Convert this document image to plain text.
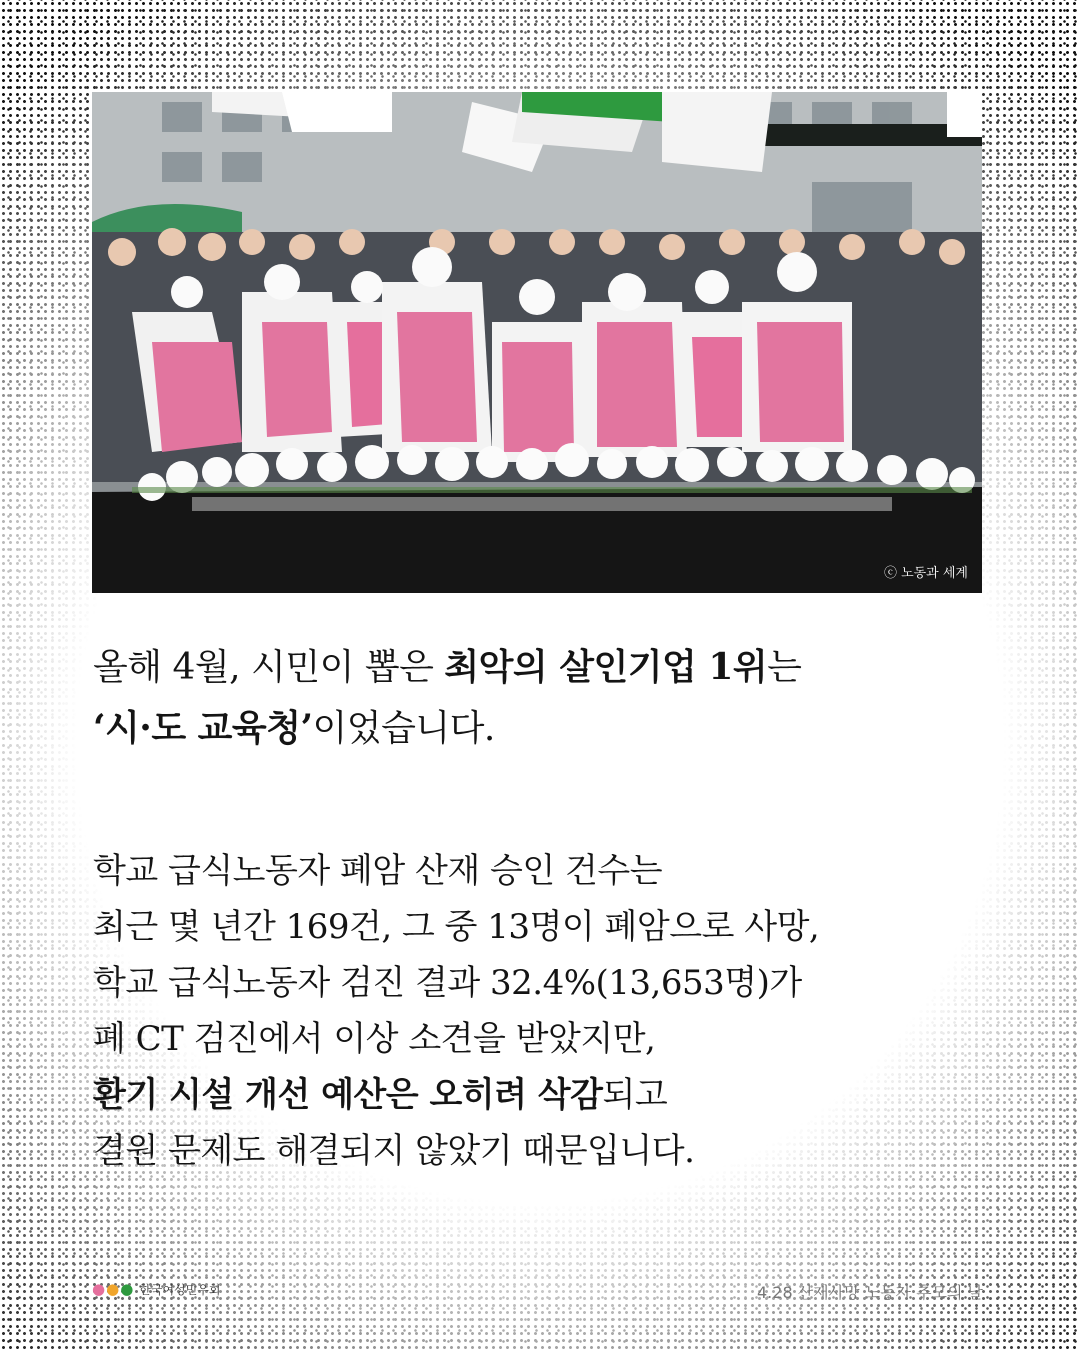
ⓒ 노동과 세계

올해 4월, 시민이 뽑은 최악의 살인기업 1위는

‘시·도 교육청’이었습니다.

학교 급식노동자 폐암 산재 승인 건수는

최근 몇 년간 169건, 그 중 13명이 폐암으로 사망,

학교 급식노동자 검진 결과 32.4%(13,653명)가

폐 CT 검진에서 이상 소견을 받았지만,

환기 시설 개선 예산은 오히려 삭감되고

결원 문제도 해결되지 않았기 때문입니다.

● ● ● 한국여성민우회	4.28 산재사망 노동자 추모의 날
